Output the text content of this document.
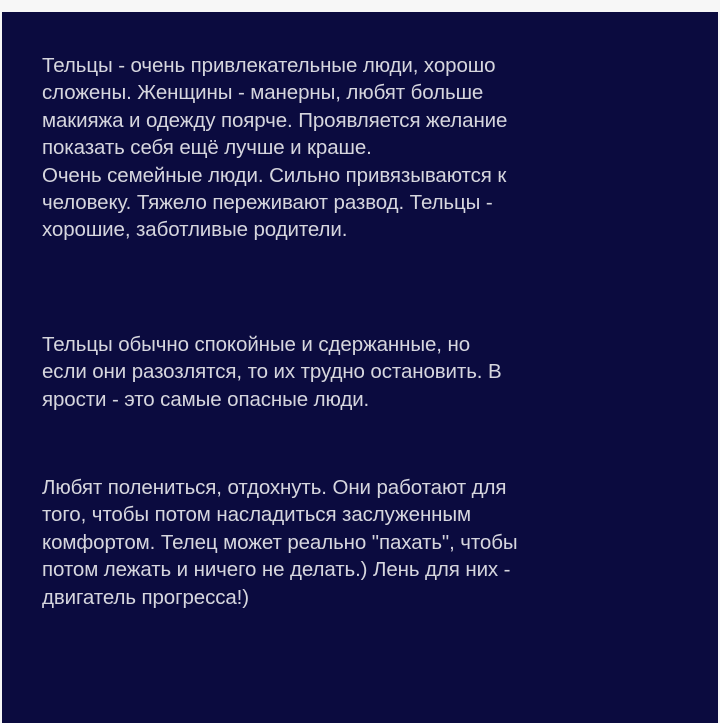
Тельцы - очень привлекательные люди, хорошо
сложены. Женщины - манерны, любят больше
макияжа и одежду поярче. Проявляется желание
показать себя ещё лучше и краше.
Очень семейные люди. Сильно привязываются к
человеку. Тяжело переживают развод. Тельцы -
хорошие, заботливые родители.
Тельцы обычно спокойные и сдержанные, но
если они разозлятся, то их трудно остановить. В
ярости - это самые опасные люди.
Любят полениться, отдохнуть. Они работают для
того, чтобы потом насладиться заслуженным
комфортом. Телец может реально "пахать", чтобы
потом лежать и ничего не делать.) Лень для них -
двигатель прогресса!)
